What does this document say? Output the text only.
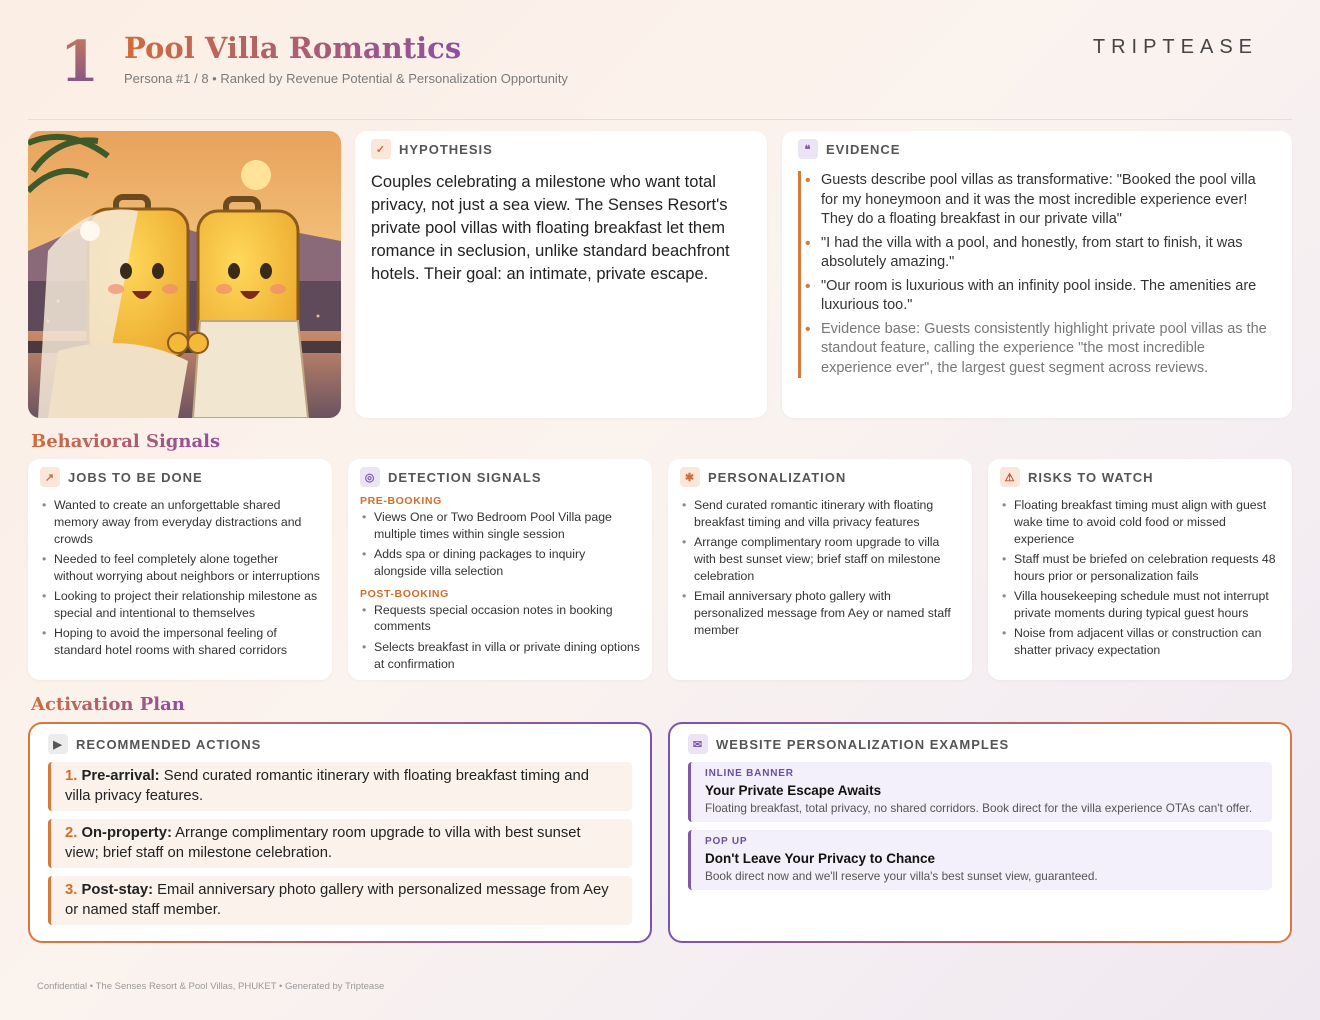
1 Pool Villa Romantics
Persona #1 / 8 • Ranked by Revenue Potential & Personalization Opportunity
TRIPTEASE
✓ HYPOTHESIS
Couples celebrating a milestone who want total privacy, not just a sea view. The Senses Resort's private pool villas with floating breakfast let them romance in seclusion, unlike standard beachfront hotels. Their goal: an intimate, private escape.
❝	EVIDENCE
• Guests describe pool villas as transformative: "Booked the pool villa for my honeymoon and it was the most incredible experience ever! They do a floating breakfast in our private villa"
• "I had the villa with a pool, and honestly, from start to finish, it was absolutely amazing."
• "Our room is luxurious with an infinity pool inside. The amenities are luxurious too."
• Evidence base: Guests consistently highlight private pool villas as the standout feature, calling the experience "the most incredible experience ever", the largest guest segment across reviews.
Behavioral Signals
↗ JOBS TO BE DONE
• Wanted to create an unforgettable shared memory away from everyday distractions and crowds
• Needed to feel completely alone together without worrying about neighbors or interruptions
• Looking to project their relationship milestone as special and intentional to themselves
• Hoping to avoid the impersonal feeling of standard hotel rooms with shared corridors
◎ DETECTION SIGNALS
PRE-BOOKING
• Views One or Two Bedroom Pool Villa page multiple times within single session
• Adds spa or dining packages to inquiry alongside villa selection
POST-BOOKING
• Requests special occasion notes in booking comments
• Selects breakfast in villa or private dining options at confirmation
✱ PERSONALIZATION
• Send curated romantic itinerary with floating breakfast timing and villa privacy features
• Arrange complimentary room upgrade to villa with best sunset view; brief staff on milestone celebration
• Email anniversary photo gallery with personalized message from Aey or named staff member
⚠ RISKS TO WATCH
• Floating breakfast timing must align with guest wake time to avoid cold food or missed experience
• Staff must be briefed on celebration requests 48 hours prior or personalization fails
• Villa housekeeping schedule must not interrupt private moments during typical guest hours
• Noise from adjacent villas or construction can shatter privacy expectation
Activation Plan
▶	RECOMMENDED ACTIONS
1. Pre-arrival: Send curated romantic itinerary with floating breakfast timing and villa privacy features.
2. On-property: Arrange complimentary room upgrade to villa with best sunset view; brief staff on milestone celebration.
3. Post-stay: Email anniversary photo gallery with personalized message from Aey or named staff member.
✉ WEBSITE PERSONALIZATION EXAMPLES
INLINE BANNER
Your Private Escape Awaits
Floating breakfast, total privacy, no shared corridors. Book direct for the villa experience OTAs can't offer.
POP UP
Don't Leave Your Privacy to Chance
Book direct now and we'll reserve your villa's best sunset view, guaranteed.
Confidential • The Senses Resort & Pool Villas, PHUKET • Generated by Triptease
